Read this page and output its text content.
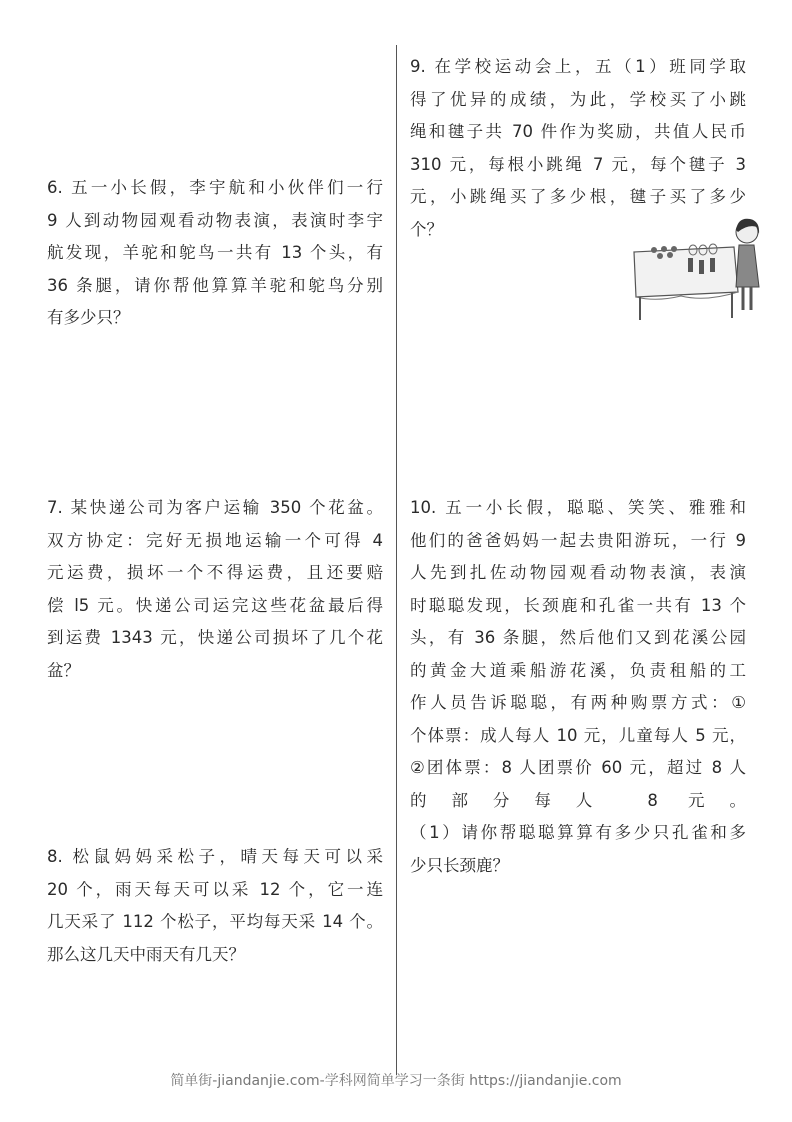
6. 五一小长假，李宇航和小伙伴们一行
9 人到动物园观看动物表演，表演时李宇
航发现，羊驼和鸵鸟一共有 13 个头，有
36 条腿，请你帮他算算羊驼和鸵鸟分别
有多少只？
7. 某快递公司为客户运输 350 个花盆。
双方协定：完好无损地运输一个可得 4
元运费，损坏一个不得运费，且还要赔
偿 l5 元。快递公司运完这些花盆最后得
到运费 1343 元，快递公司损坏了几个花
盆？
8. 松鼠妈妈采松子，晴天每天可以采
20 个，雨天每天可以采 12 个，它一连
几天采了 112 个松子，平均每天采 14 个。
那么这几天中雨天有几天？
9. 在学校运动会上，五（1）班同学取
得了优异的成绩，为此，学校买了小跳
绳和毽子共 70 件作为奖励，共值人民币
310 元，每根小跳绳 7 元，每个毽子 3
元，小跳绳买了多少根，毽子买了多少
个？
10. 五一小长假，聪聪、笑笑、雅雅和
他们的爸爸妈妈一起去贵阳游玩，一行 9
人先到扎佐动物园观看动物表演，表演
时聪聪发现，长颈鹿和孔雀一共有 13 个
头，有 36 条腿，然后他们又到花溪公园
的黄金大道乘船游花溪，负责租船的工
作人员告诉聪聪，有两种购票方式：①
个体票：成人每人 10 元，儿童每人 5 元，
②团体票：8 人团票价 60 元，超过 8 人
的部分每人 8 元。
（1）请你帮聪聪算算有多少只孔雀和多
少只长颈鹿？
简单街-jiandanjie.com-学科网简单学习一条街 https://jiandanjie.com
